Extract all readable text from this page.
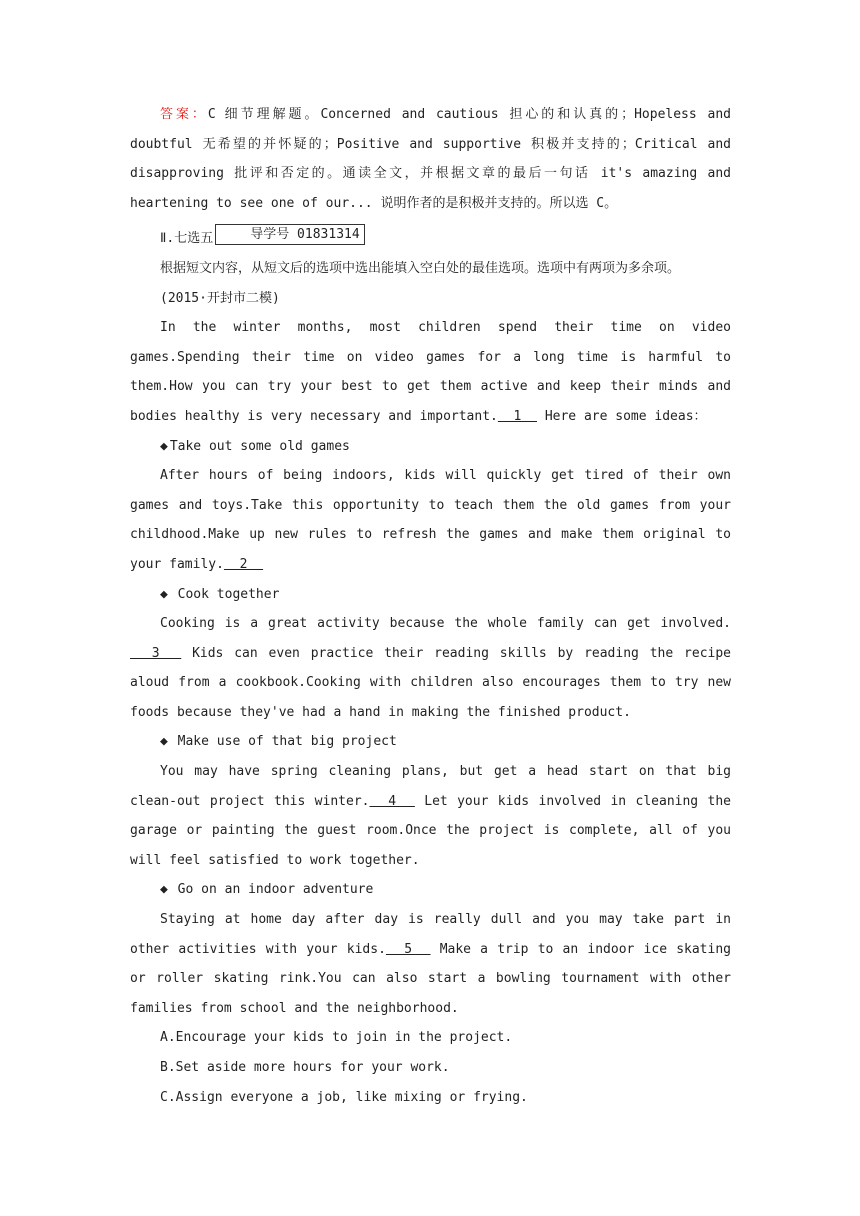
答案：C 细节理解题。Concerned and cautious 担心的和认真的；Hopeless and doubtful 无希望的并怀疑的；Positive and supportive 积极并支持的；Critical and disapproving 批评和否定的。通读全文，并根据文章的最后一句话 it's amazing and heartening to see one of our... 说明作者的是积极并支持的。所以选 C。

Ⅱ.七选五	导学号 01831314

根据短文内容，从短文后的选项中选出能填入空白处的最佳选项。选项中有两项为多余项。

(2015·开封市二模)

In the winter months, most children spend their time on video games.Spending their time on video games for a long time is harmful to them.How you can try your best to get them active and keep their minds and bodies healthy is very necessary and important.  1   Here are some ideas：

◆ Take out some old games

After hours of being indoors, kids will quickly get tired of their own games and toys.Take this opportunity to teach them the old games from your childhood.Make up new rules to refresh the games and make them original to your family.  2

◆ Cook together

Cooking is a great activity because the whole family can get involved.  3   Kids can even practice their reading skills by reading the recipe aloud from a cookbook.Cooking with children also encourages them to try new foods because they've had a hand in making the finished product.

◆ Make use of that big project

You may have spring cleaning plans, but get a head start on that big clean-out project this winter.  4   Let your kids involved in cleaning the garage or painting the guest room.Once the project is complete, all of you will feel satisfied to work together.

◆ Go on an indoor adventure

Staying at home day after day is really dull and you may take part in other activities with your kids.  5   Make a trip to an indoor ice skating or roller skating rink.You can also start a bowling tournament with other families from school and the neighborhood.

A.Encourage your kids to join in the project.

B.Set aside more hours for your work.

C.Assign everyone a job, like mixing or frying.
